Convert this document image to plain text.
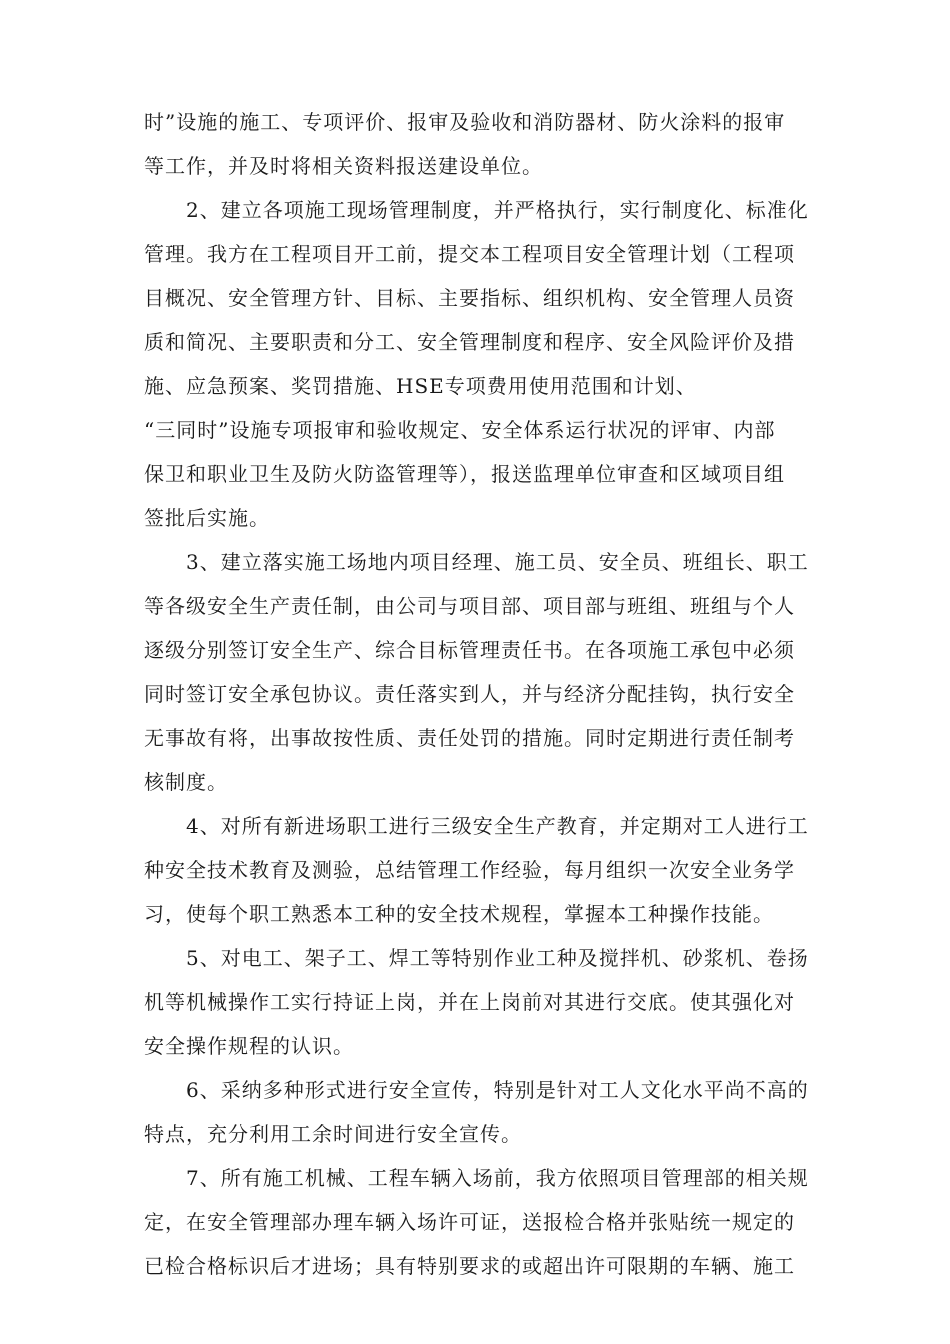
时”设施的施工、专项评价、报审及验收和消防器材、防火涂料的报审
等工作，并及时将相关资料报送建设单位。
2、建立各项施工现场管理制度，并严格执行，实行制度化、标准化
管理。我方在工程项目开工前，提交本工程项目安全管理计划（工程项
目概况、安全管理方针、目标、主要指标、组织机构、安全管理人员资
质和简况、主要职责和分工、安全管理制度和程序、安全风险评价及措
施、应急预案、奖罚措施、HSE专项费用使用范围和计划、
“三同时”设施专项报审和验收规定、安全体系运行状况的评审、内部
保卫和职业卫生及防火防盗管理等），报送监理单位审查和区域项目组
签批后实施。
3、建立落实施工场地内项目经理、施工员、安全员、班组长、职工
等各级安全生产责任制，由公司与项目部、项目部与班组、班组与个人
逐级分别签订安全生产、综合目标管理责任书。在各项施工承包中必须
同时签订安全承包协议。责任落实到人，并与经济分配挂钩，执行安全
无事故有将，出事故按性质、责任处罚的措施。同时定期进行责任制考
核制度。
4、对所有新进场职工进行三级安全生产教育，并定期对工人进行工
种安全技术教育及测验，总结管理工作经验，每月组织一次安全业务学
习，使每个职工熟悉本工种的安全技术规程，掌握本工种操作技能。
5、对电工、架子工、焊工等特别作业工种及搅拌机、砂浆机、卷扬
机等机械操作工实行持证上岗，并在上岗前对其进行交底。使其强化对
安全操作规程的认识。
6、采纳多种形式进行安全宣传，特别是针对工人文化水平尚不高的
特点，充分利用工余时间进行安全宣传。
7、所有施工机械、工程车辆入场前，我方依照项目管理部的相关规
定，在安全管理部办理车辆入场许可证，送报检合格并张贴统一规定的
已检合格标识后才进场；具有特别要求的或超出许可限期的车辆、施工
